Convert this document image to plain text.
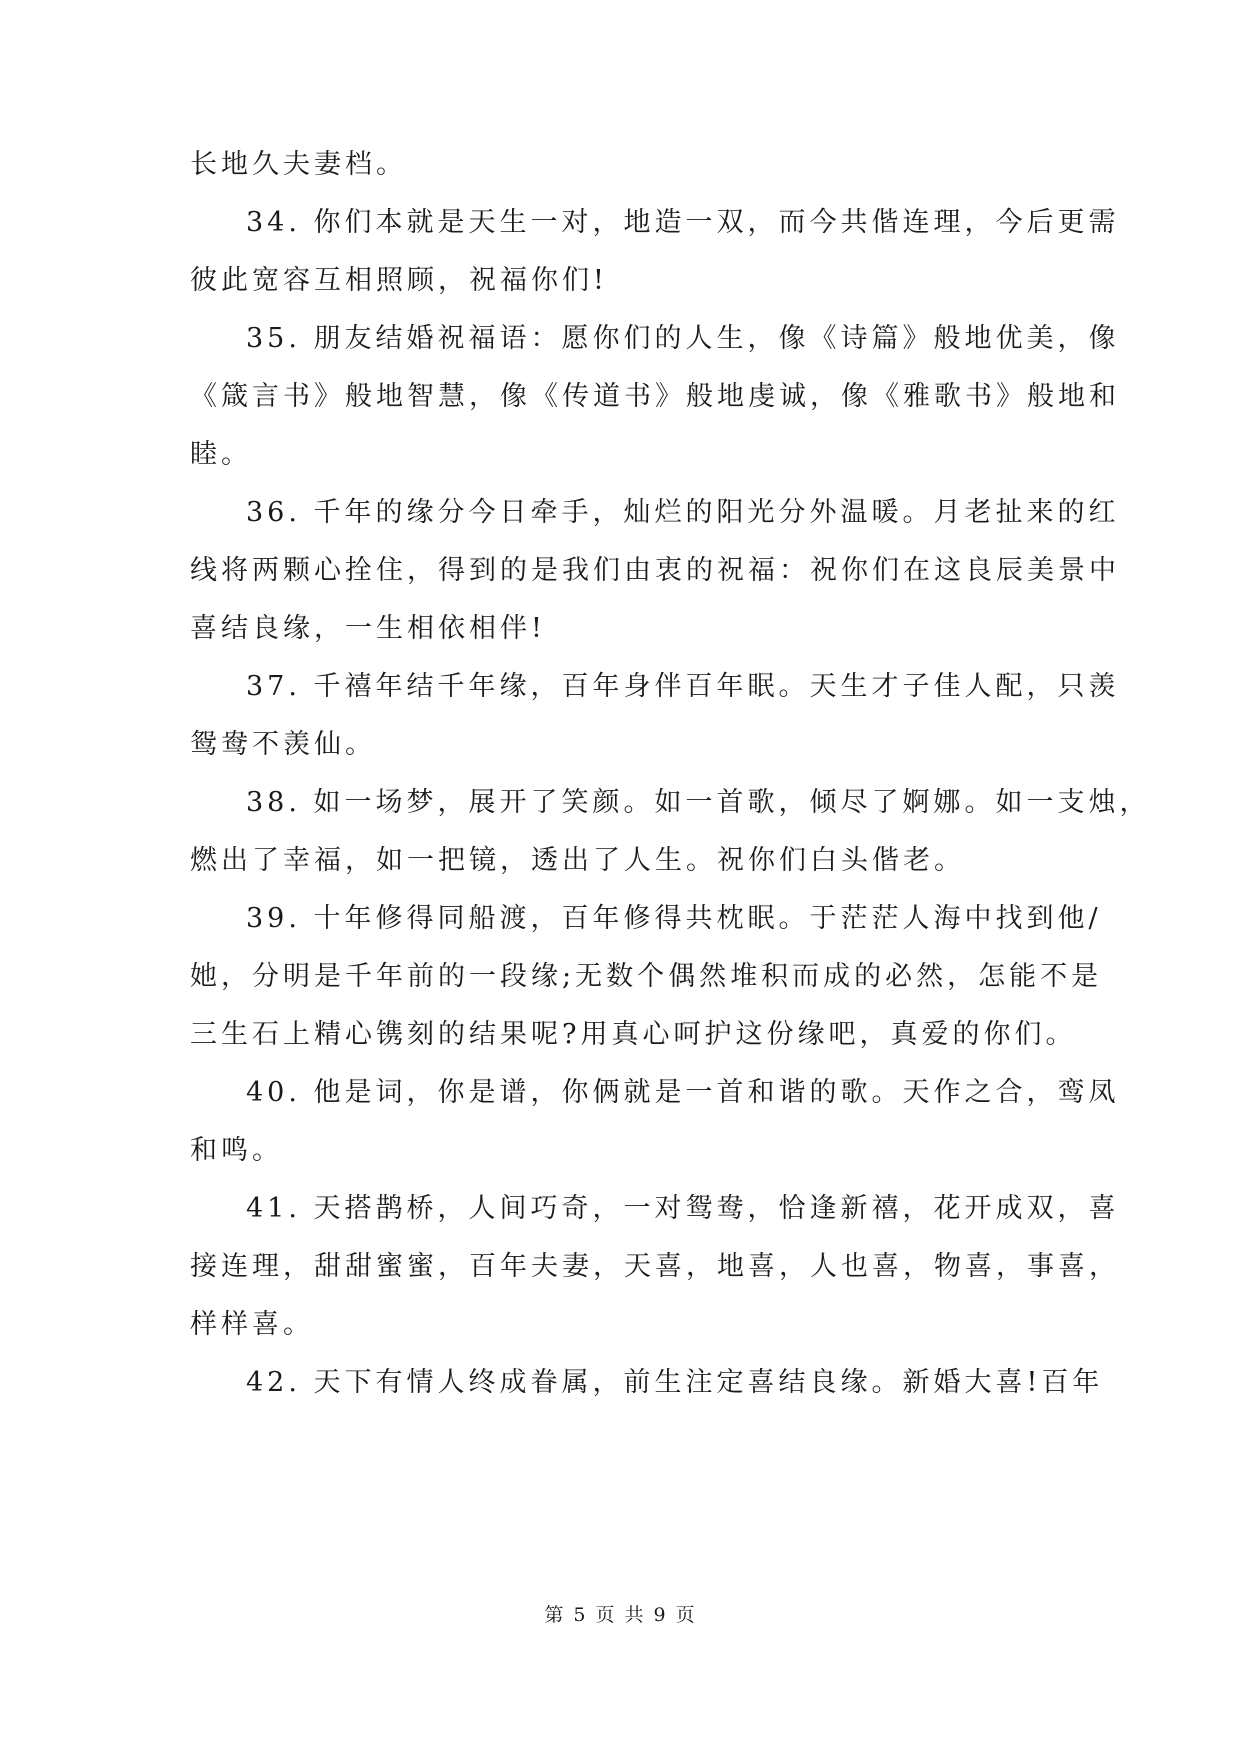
长地久夫妻档。
34. 你们本就是天生一对，地造一双，而今共偕连理，今后更需
彼此宽容互相照顾，祝福你们!
35. 朋友结婚祝福语：愿你们的人生，像《诗篇》般地优美，像
《箴言书》般地智慧，像《传道书》般地虔诚，像《雅歌书》般地和
睦。
36. 千年的缘分今日牵手，灿烂的阳光分外温暖。月老扯来的红
线将两颗心拴住，得到的是我们由衷的祝福：祝你们在这良辰美景中
喜结良缘，一生相依相伴!
37. 千禧年结千年缘，百年身伴百年眠。天生才子佳人配，只羡
鸳鸯不羡仙。
38. 如一场梦，展开了笑颜。如一首歌，倾尽了婀娜。如一支烛，
燃出了幸福，如一把镜，透出了人生。祝你们白头偕老。
39. 十年修得同船渡，百年修得共枕眠。于茫茫人海中找到他/
她，分明是千年前的一段缘;无数个偶然堆积而成的必然，怎能不是
三生石上精心镌刻的结果呢?用真心呵护这份缘吧，真爱的你们。
40. 他是词，你是谱，你俩就是一首和谐的歌。天作之合，鸾凤
和鸣。
41. 天搭鹊桥，人间巧奇，一对鸳鸯，恰逢新禧，花开成双，喜
接连理，甜甜蜜蜜，百年夫妻，天喜，地喜，人也喜，物喜，事喜，
样样喜。
42. 天下有情人终成眷属，前生注定喜结良缘。新婚大喜!百年
第 5 页 共 9 页
